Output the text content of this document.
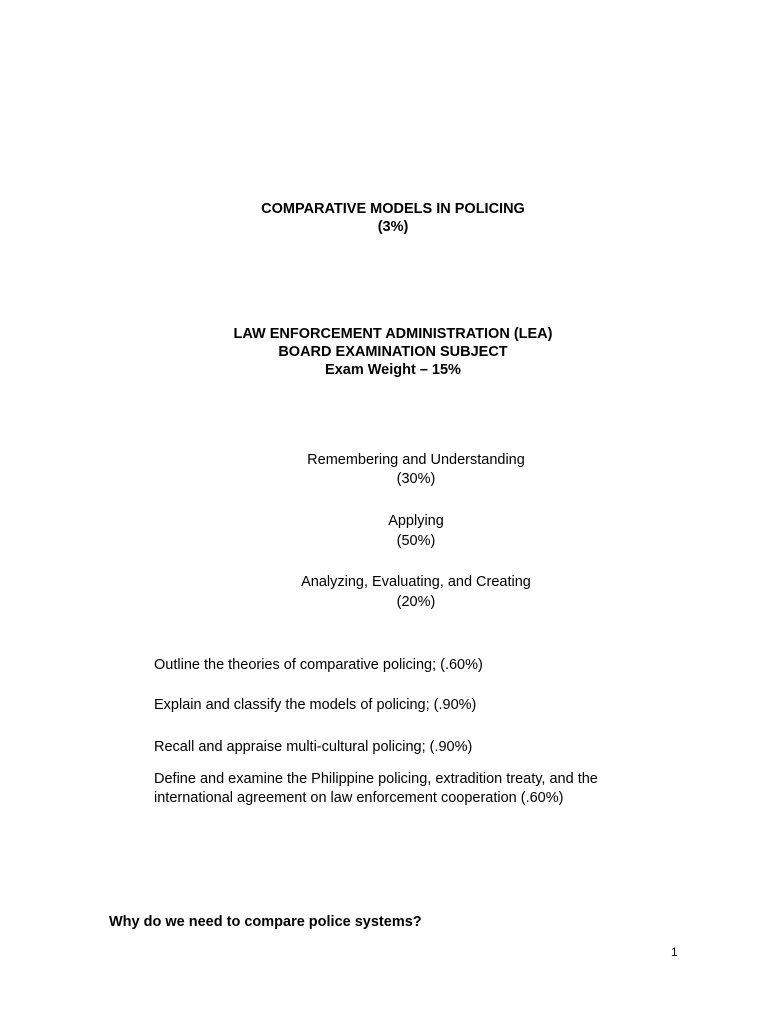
COMPARATIVE MODELS IN POLICING
(3%)
LAW ENFORCEMENT ADMINISTRATION (LEA)
BOARD EXAMINATION SUBJECT
Exam Weight – 15%
Remembering and Understanding
(30%)
Applying
(50%)
Analyzing, Evaluating, and Creating
(20%)
Outline the theories of comparative policing; (.60%)
Explain and classify the models of policing; (.90%)
Recall and appraise multi-cultural policing; (.90%)
Define and examine the Philippine policing, extradition treaty, and the international agreement on law enforcement cooperation (.60%)
Why do we need to compare police systems?
1
